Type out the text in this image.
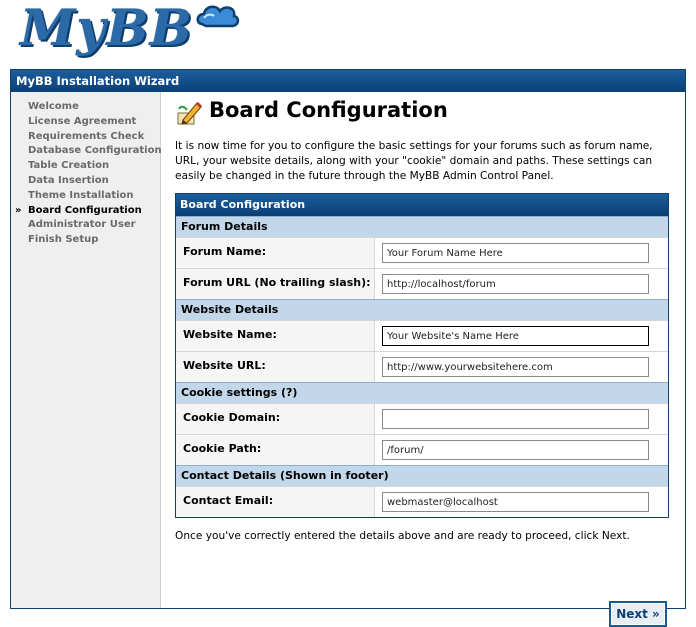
MyBB
MyBB Installation Wizard
Welcome
License Agreement
Requirements Check
Database Configuration
Table Creation
Data Insertion
Theme Installation
» Board Configuration
Administrator User
Finish Setup
Board Configuration
It is now time for you to configure the basic settings for your forums such as forum name, URL, your website details, along with your "cookie" domain and paths. These settings can easily be changed in the future through the MyBB Admin Control Panel.
Board Configuration
Forum Details
Forum Name:
Your Forum Name Here
Forum URL (No trailing slash):
http://localhost/forum
Website Details
Website Name:
Your Website's Name Here
Website URL:
http://www.yourwebsitehere.com
Cookie settings (?)
Cookie Domain:
Cookie Path:
/forum/
Contact Details (Shown in footer)
Contact Email:
webmaster@localhost
Once you've correctly entered the details above and are ready to proceed, click Next.
Next »
